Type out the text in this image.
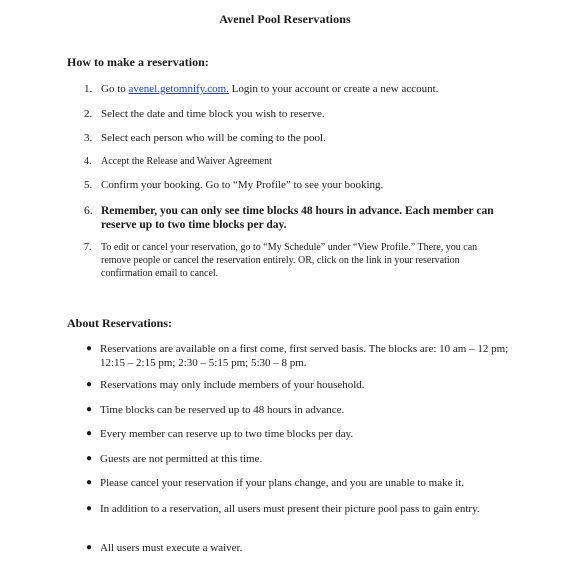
Avenel Pool Reservations
How to make a reservation:
1. Go to avenel.getomnify.com. Login to your account or create a new account.
2. Select the date and time block you wish to reserve.
3. Select each person who will be coming to the pool.
4. Accept the Release and Waiver Agreement
5. Confirm your booking. Go to “My Profile” to see your booking.
6. Remember, you can only see time blocks 48 hours in advance. Each member can reserve up to two time blocks per day.
7. To edit or cancel your reservation, go to “My Schedule” under “View Profile.” There, you can remove people or cancel the reservation entirely. OR, click on the link in your reservation confirmation email to cancel.
About Reservations:
● Reservations are available on a first come, first served basis. The blocks are: 10 am – 12 pm; 12:15 – 2:15 pm; 2:30 – 5:15 pm; 5:30 – 8 pm.
● Reservations may only include members of your household.
● Time blocks can be reserved up to 48 hours in advance.
● Every member can reserve up to two time blocks per day.
● Guests are not permitted at this time.
● Please cancel your reservation if your plans change, and you are unable to make it.
● In addition to a reservation, all users must present their picture pool pass to gain entry.
● All users must execute a waiver.
